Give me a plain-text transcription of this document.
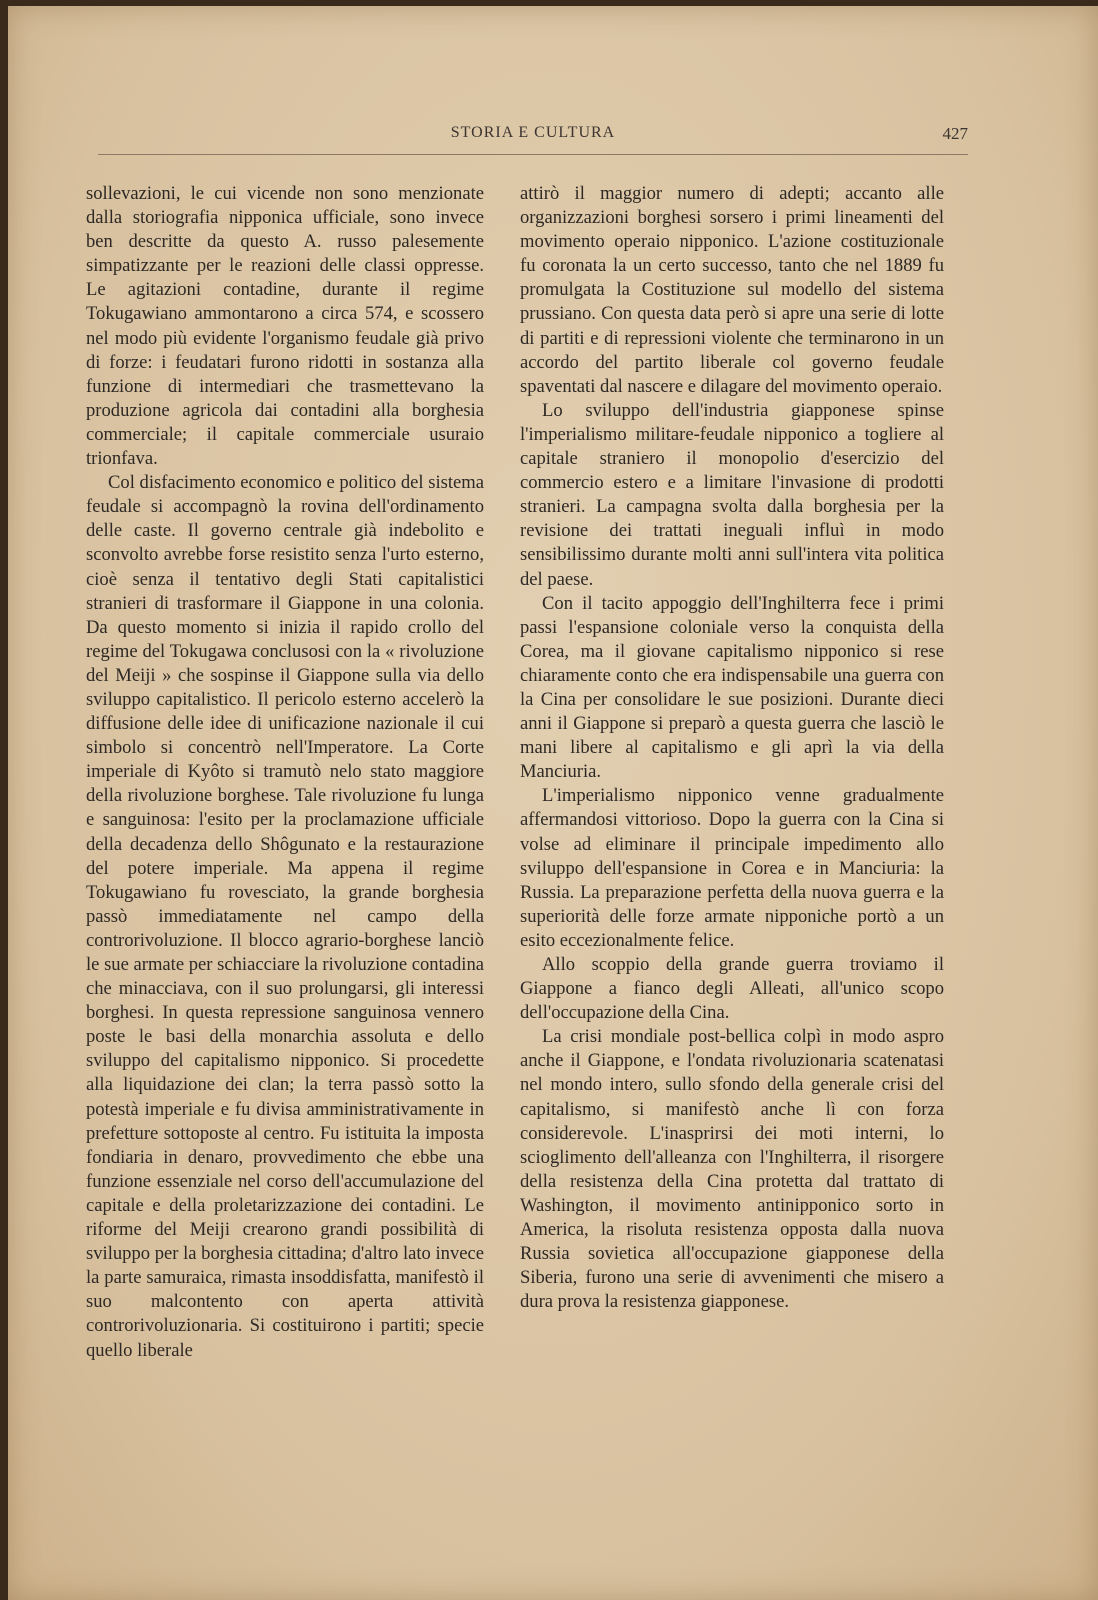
STORIA E CULTURA	427

sollevazioni, le cui vicende non sono menzionate dalla storiografia nipponica ufficiale, sono invece ben descritte da questo A. russo palesemente simpatizzante per le reazioni delle classi oppresse. Le agitazioni contadine, durante il regime Tokugawiano ammontarono a circa 574, e scossero nel modo più evidente l'organismo feudale già privo di forze: i feudatari furono ridotti in sostanza alla funzione di intermediari che trasmettevano la produzione agricola dai contadini alla borghesia commerciale; il capitale commerciale usuraio trionfava.

Col disfacimento economico e politico del sistema feudale si accompagnò la rovina dell'ordinamento delle caste. Il governo centrale già indebolito e sconvolto avrebbe forse resistito senza l'urto esterno, cioè senza il tentativo degli Stati capitalistici stranieri di trasformare il Giappone in una colonia. Da questo momento si inizia il rapido crollo del regime del Tokugawa conclusosi con la « rivoluzione del Meiji » che sospinse il Giappone sulla via dello sviluppo capitalistico. Il pericolo esterno accelerò la diffusione delle idee di unificazione nazionale il cui simbolo si concentrò nell'Imperatore. La Corte imperiale di Kyôto si tramutò nelo stato maggiore della rivoluzione borghese. Tale rivoluzione fu lunga e sanguinosa: l'esito per la proclamazione ufficiale della decadenza dello Shôgunato e la restaurazione del potere imperiale. Ma appena il regime Tokugawiano fu rovesciato, la grande borghesia passò immediatamente nel campo della controrivoluzione. Il blocco agrario-borghese lanciò le sue armate per schiacciare la rivoluzione contadina che minacciava, con il suo prolungarsi, gli interessi borghesi. In questa repressione sanguinosa vennero poste le basi della monarchia assoluta e dello sviluppo del capitalismo nipponico. Si procedette alla liquidazione dei clan; la terra passò sotto la potestà imperiale e fu divisa amministrativamente in prefetture sottoposte al centro. Fu istituita la imposta fondiaria in denaro, provvedimento che ebbe una funzione essenziale nel corso dell'accumulazione del capitale e della proletarizzazione dei contadini. Le riforme del Meiji crearono grandi possibilità di sviluppo per la borghesia cittadina; d'altro lato invece la parte samuraica, rimasta insoddisfatta, manifestò il suo malcontento con aperta attività controrivoluzionaria. Si costituirono i partiti; specie quello liberale

attirò il maggior numero di adepti; accanto alle organizzazioni borghesi sorsero i primi lineamenti del movimento operaio nipponico. L'azione costituzionale fu coronata la un certo successo, tanto che nel 1889 fu promulgata la Costituzione sul modello del sistema prussiano. Con questa data però si apre una serie di lotte di partiti e di repressioni violente che terminarono in un accordo del partito liberale col governo feudale spaventati dal nascere e dilagare del movimento operaio.

Lo sviluppo dell'industria giapponese spinse l'imperialismo militare-feudale nipponico a togliere al capitale straniero il monopolio d'esercizio del commercio estero e a limitare l'invasione di prodotti stranieri. La campagna svolta dalla borghesia per la revisione dei trattati ineguali influì in modo sensibilissimo durante molti anni sull'intera vita politica del paese.

Con il tacito appoggio dell'Inghilterra fece i primi passi l'espansione coloniale verso la conquista della Corea, ma il giovane capitalismo nipponico si rese chiaramente conto che era indispensabile una guerra con la Cina per consolidare le sue posizioni. Durante dieci anni il Giappone si preparò a questa guerra che lasciò le mani libere al capitalismo e gli aprì la via della Manciuria.

L'imperialismo nipponico venne gradualmente affermandosi vittorioso. Dopo la guerra con la Cina si volse ad eliminare il principale impedimento allo sviluppo dell'espansione in Corea e in Manciuria: la Russia. La preparazione perfetta della nuova guerra e la superiorità delle forze armate nipponiche portò a un esito eccezionalmente felice.

Allo scoppio della grande guerra troviamo il Giappone a fianco degli Alleati, all'unico scopo dell'occupazione della Cina.

La crisi mondiale post-bellica colpì in modo aspro anche il Giappone, e l'ondata rivoluzionaria scatenatasi nel mondo intero, sullo sfondo della generale crisi del capitalismo, si manifestò anche lì con forza considerevole. L'inasprirsi dei moti interni, lo scioglimento dell'alleanza con l'Inghilterra, il risorgere della resistenza della Cina protetta dal trattato di Washington, il movimento antinipponico sorto in America, la risoluta resistenza opposta dalla nuova Russia sovietica all'occupazione giapponese della Siberia, furono una serie di avvenimenti che misero a dura prova la resistenza giapponese.
